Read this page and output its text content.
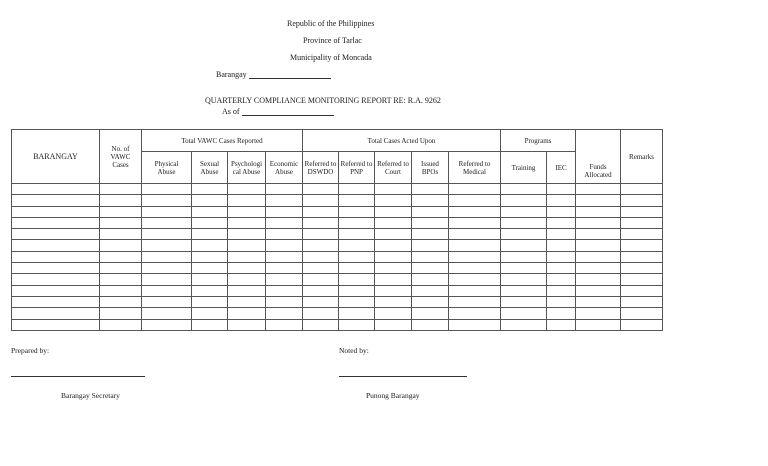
Republic of the Philippines
Province of Tarlac
Municipality of Moncada
Barangay
QUARTERLY COMPLIANCE MONITORING REPORT RE: R.A. 9262
As of
BARANGAY	No. of VAWC Cases	Total VAWC Cases Reported				Total Cases Acted Upon					Programs		Funds Allocated	Remarks
		Physical Abuse	Sexual Abuse	Psychological Abuse	Economic Abuse	Referred to DSWDO	Referred to PNP	Referred to Court	Issued BPOs	Referred to Medical	Training	IEC		

Prepared by:	Noted by:
Barangay Secretary	Punong Barangay
